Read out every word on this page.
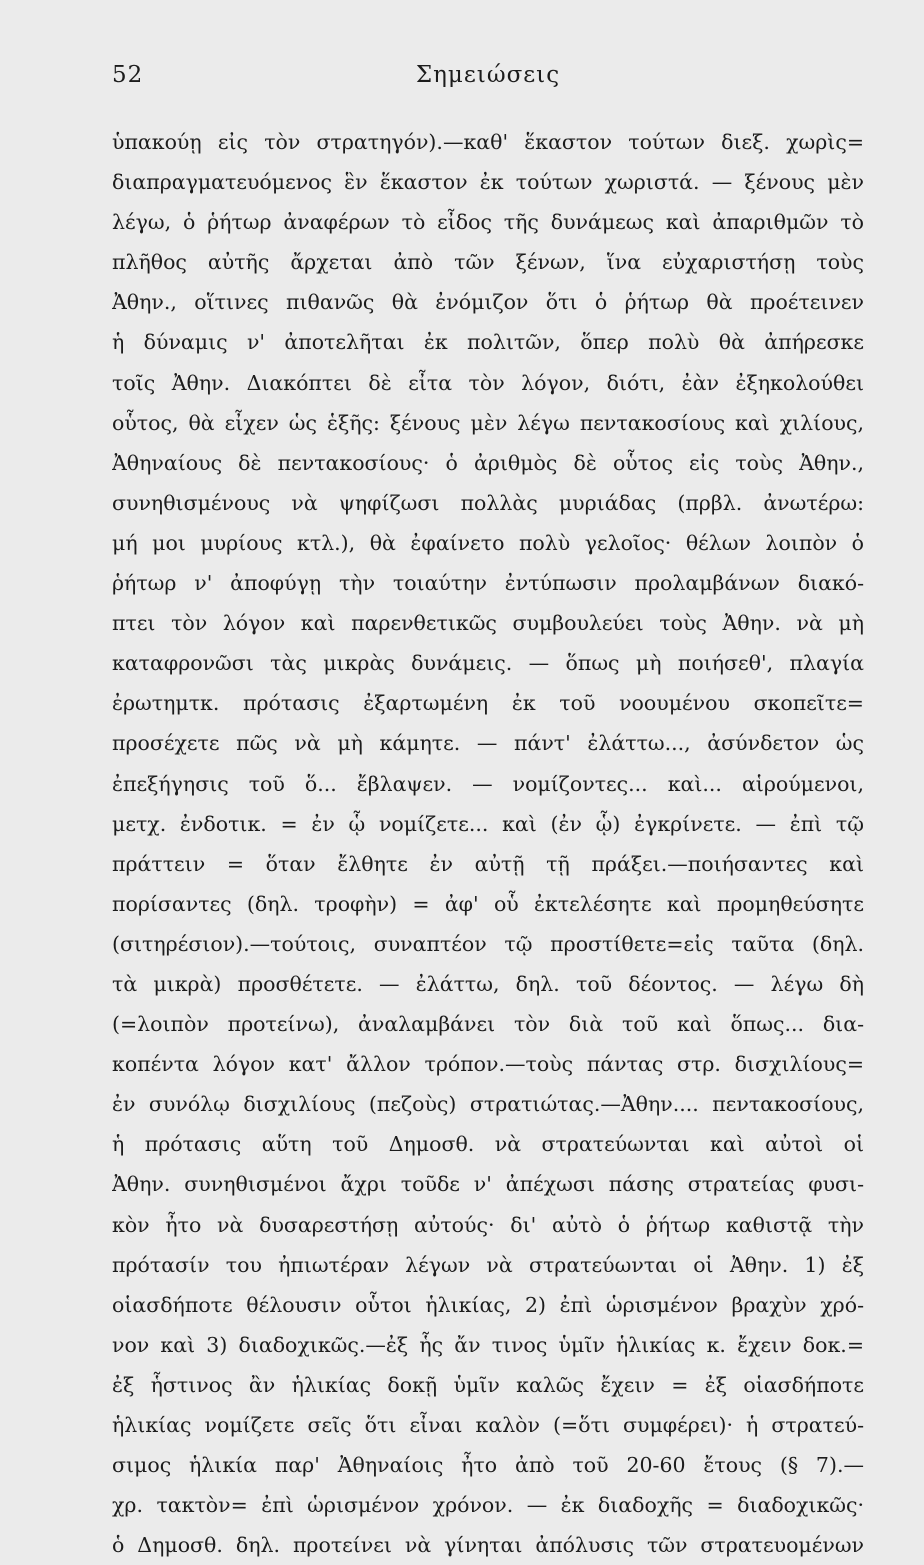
52	Σημειώσεις
ὑπακούῃ εἰς τὸν στρατηγόν).—καθ' ἕκαστον τούτων διεξ. χωρὶς=
διαπραγματευόμενος ἓν ἕκαστον ἐκ τούτων χωριστά. — ξένους μὲν
λέγω, ὁ ῥήτωρ ἀναφέρων τὸ εἶδος τῆς δυνάμεως καὶ ἀπαριθμῶν τὸ
πλῆθος αὐτῆς ἄρχεται ἀπὸ τῶν ξένων, ἵνα εὐχαριστήσῃ τοὺς
Ἀθην., οἵτινες πιθανῶς θὰ ἐνόμιζον ὅτι ὁ ῥήτωρ θὰ προέτεινεν
ἡ δύναμις ν' ἀποτελῆται ἐκ πολιτῶν, ὅπερ πολὺ θὰ ἀπήρεσκε
τοῖς Ἀθην. Διακόπτει δὲ εἶτα τὸν λόγον, διότι, ἐὰν ἐξηκολούθει
οὗτος, θὰ εἶχεν ὡς ἑξῆς: ξένους μὲν λέγω πεντακοσίους καὶ χιλίους,
Ἀθηναίους δὲ πεντακοσίους· ὁ ἀριθμὸς δὲ οὗτος εἰς τοὺς Ἀθην.,
συνηθισμένους νὰ ψηφίζωσι πολλὰς μυριάδας (πρβλ. ἀνωτέρω:
μή μοι μυρίους κτλ.), θὰ ἐφαίνετο πολὺ γελοῖος· θέλων λοιπὸν ὁ
ῥήτωρ ν' ἀποφύγῃ τὴν τοιαύτην ἐντύπωσιν προλαμβάνων διακό-
πτει τὸν λόγον καὶ παρενθετικῶς συμβουλεύει τοὺς Ἀθην. νὰ μὴ
καταφρονῶσι τὰς μικρὰς δυνάμεις. — ὅπως μὴ ποιήσεθ', πλαγία
ἐρωτημτκ. πρότασις ἐξαρτωμένη ἐκ τοῦ νοουμένου σκοπεῖτε=
προσέχετε πῶς νὰ μὴ κάμητε. — πάντ' ἐλάττω..., ἀσύνδετον ὡς
ἐπεξήγησις τοῦ ὅ... ἔβλαψεν. — νομίζοντες... καὶ... αἱρούμενοι,
μετχ. ἐνδοτικ. = ἐν ᾧ νομίζετε... καὶ (ἐν ᾧ) ἐγκρίνετε. — ἐπὶ τῷ
πράττειν = ὅταν ἔλθητε ἐν αὐτῇ τῇ πράξει.—ποιήσαντες καὶ
πορίσαντες (δηλ. τροφὴν) = ἀφ' οὗ ἐκτελέσητε καὶ προμηθεύσητε
(σιτηρέσιον).—τούτοις, συναπτέον τῷ προστίθετε=εἰς ταῦτα (δηλ.
τὰ μικρὰ) προσθέτετε. — ἐλάττω, δηλ. τοῦ δέοντος. — λέγω δὴ
(=λοιπὸν προτείνω), ἀναλαμβάνει τὸν διὰ τοῦ καὶ ὅπως... δια-
κοπέντα λόγον κατ' ἄλλον τρόπον.—τοὺς πάντας στρ. δισχιλίους=
ἐν συνόλῳ δισχιλίους (πεζοὺς) στρατιώτας.—Ἀθην.... πεντακοσίους,
ἡ πρότασις αὕτη τοῦ Δημοσθ. νὰ στρατεύωνται καὶ αὐτοὶ οἱ
Ἀθην. συνηθισμένοι ἄχρι τοῦδε ν' ἀπέχωσι πάσης στρατείας φυσι-
κὸν ἦτο νὰ δυσαρεστήσῃ αὐτούς· δι' αὐτὸ ὁ ῥήτωρ καθιστᾷ τὴν
πρότασίν του ἠπιωτέραν λέγων νὰ στρατεύωνται οἱ Ἀθην. 1) ἐξ
οἱασδήποτε θέλουσιν οὗτοι ἡλικίας, 2) ἐπὶ ὡρισμένον βραχὺν χρό-
νον καὶ 3) διαδοχικῶς.—ἐξ ἧς ἄν τινος ὑμῖν ἡλικίας κ. ἔχειν δοκ.=
ἐξ ἧστινος ἂν ἡλικίας δοκῇ ὑμῖν καλῶς ἔχειν = ἐξ οἱασδήποτε
ἡλικίας νομίζετε σεῖς ὅτι εἶναι καλὸν (=ὅτι συμφέρει)· ἡ στρατεύ-
σιμος ἡλικία παρ' Ἀθηναίοις ἦτο ἀπὸ τοῦ 20-60 ἔτους (§ 7).—
χρ. τακτὸν= ἐπὶ ὡρισμένον χρόνον. — ἐκ διαδοχῆς = διαδοχικῶς·
ὁ Δημοσθ. δηλ. προτείνει νὰ γίνηται ἀπόλυσις τῶν στρατευομένων
